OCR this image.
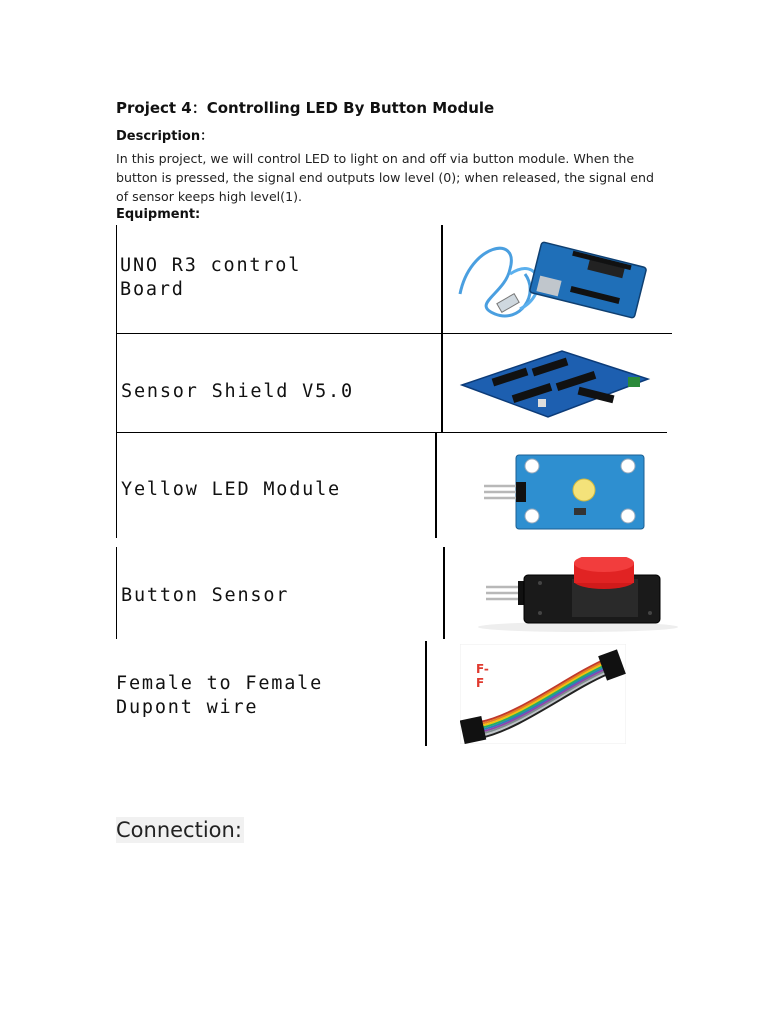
Project 4：Controlling LED By Button Module
Description：

In this project, we will control LED to light on and off via button module. When the button is pressed, the signal end outputs low level (0); when released, the signal end of sensor keeps high level(1).

Equipment:
UNO R3 control
Board
Sensor Shield V5.0
Yellow LED Module
Button Sensor
Female to Female
Dupont wire
F-F
Connection:
